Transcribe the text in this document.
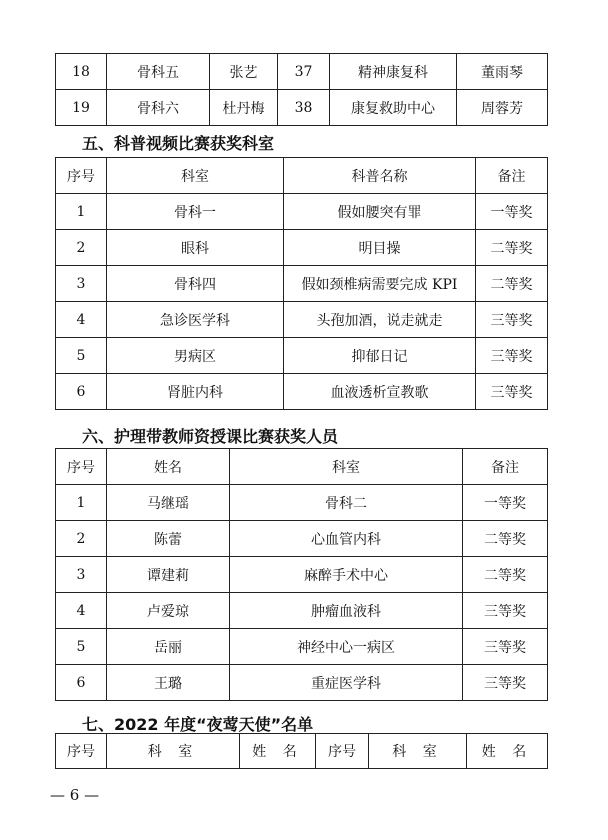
18	骨科五	张艺	37	精神康复科	董雨琴
19	骨科六	杜丹梅	38	康复救助中心	周蓉芳
五、科普视频比赛获奖科室
序号	科室	科普名称	备注
1	骨科一	假如腰突有罪	一等奖
2	眼科	明目操	二等奖
3	骨科四	假如颈椎病需要完成 KPI	二等奖
4	急诊医学科	头孢加酒，说走就走	三等奖
5	男病区	抑郁日记	三等奖
6	肾脏内科	血液透析宣教歌	三等奖
六、护理带教师资授课比赛获奖人员
序号	姓名	科室	备注
1	马继瑶	骨科二	一等奖
2	陈蕾	心血管内科	二等奖
3	谭建莉	麻醉手术中心	二等奖
4	卢爱琼	肿瘤血液科	三等奖
5	岳丽	神经中心一病区	三等奖
6	王璐	重症医学科	三等奖
七、2022 年度“夜莺天使”名单
序号	科 室	姓 名	序号	科 室	姓 名
— 6 —
